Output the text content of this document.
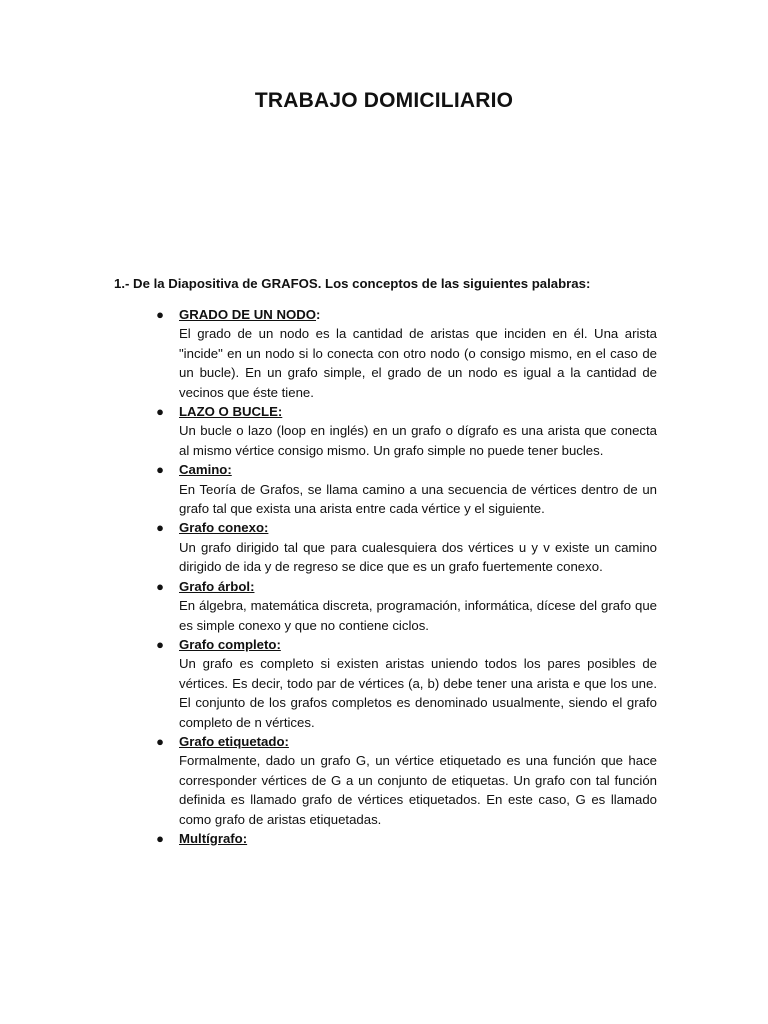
TRABAJO DOMICILIARIO
1.- De la Diapositiva de GRAFOS. Los conceptos de las siguientes palabras:
● GRADO DE UN NODO:

El grado de un nodo es la cantidad de aristas que inciden en él. Una arista "incide" en un nodo si lo conecta con otro nodo (o consigo mismo, en el caso de un bucle). En un grafo simple, el grado de un nodo es igual a la cantidad de vecinos que éste tiene.

● LAZO O BUCLE:

Un bucle o lazo (loop en inglés) en un grafo o dígrafo es una arista que conecta al mismo vértice consigo mismo. Un grafo simple no puede tener bucles.

● Camino:

En Teoría de Grafos, se llama camino a una secuencia de vértices dentro de un grafo tal que exista una arista entre cada vértice y el siguiente.

● Grafo conexo:

Un grafo dirigido tal que para cualesquiera dos vértices u y v existe un camino dirigido de ida y de regreso se dice que es un grafo fuertemente conexo.

● Grafo árbol:

En álgebra, matemática discreta, programación, informática, dícese del grafo que es simple conexo y que no contiene ciclos.

● Grafo completo:

Un grafo es completo si existen aristas uniendo todos los pares posibles de vértices. Es decir, todo par de vértices (a, b) debe tener una arista e que los une. El conjunto de los grafos completos es denominado usualmente, siendo el grafo completo de n vértices.

● Grafo etiquetado:

Formalmente, dado un grafo G, un vértice etiquetado es una función que hace corresponder vértices de G a un conjunto de etiquetas. Un grafo con tal función definida es llamado grafo de vértices etiquetados. En este caso, G es llamado como grafo de aristas etiquetadas.

● Multígrafo:
